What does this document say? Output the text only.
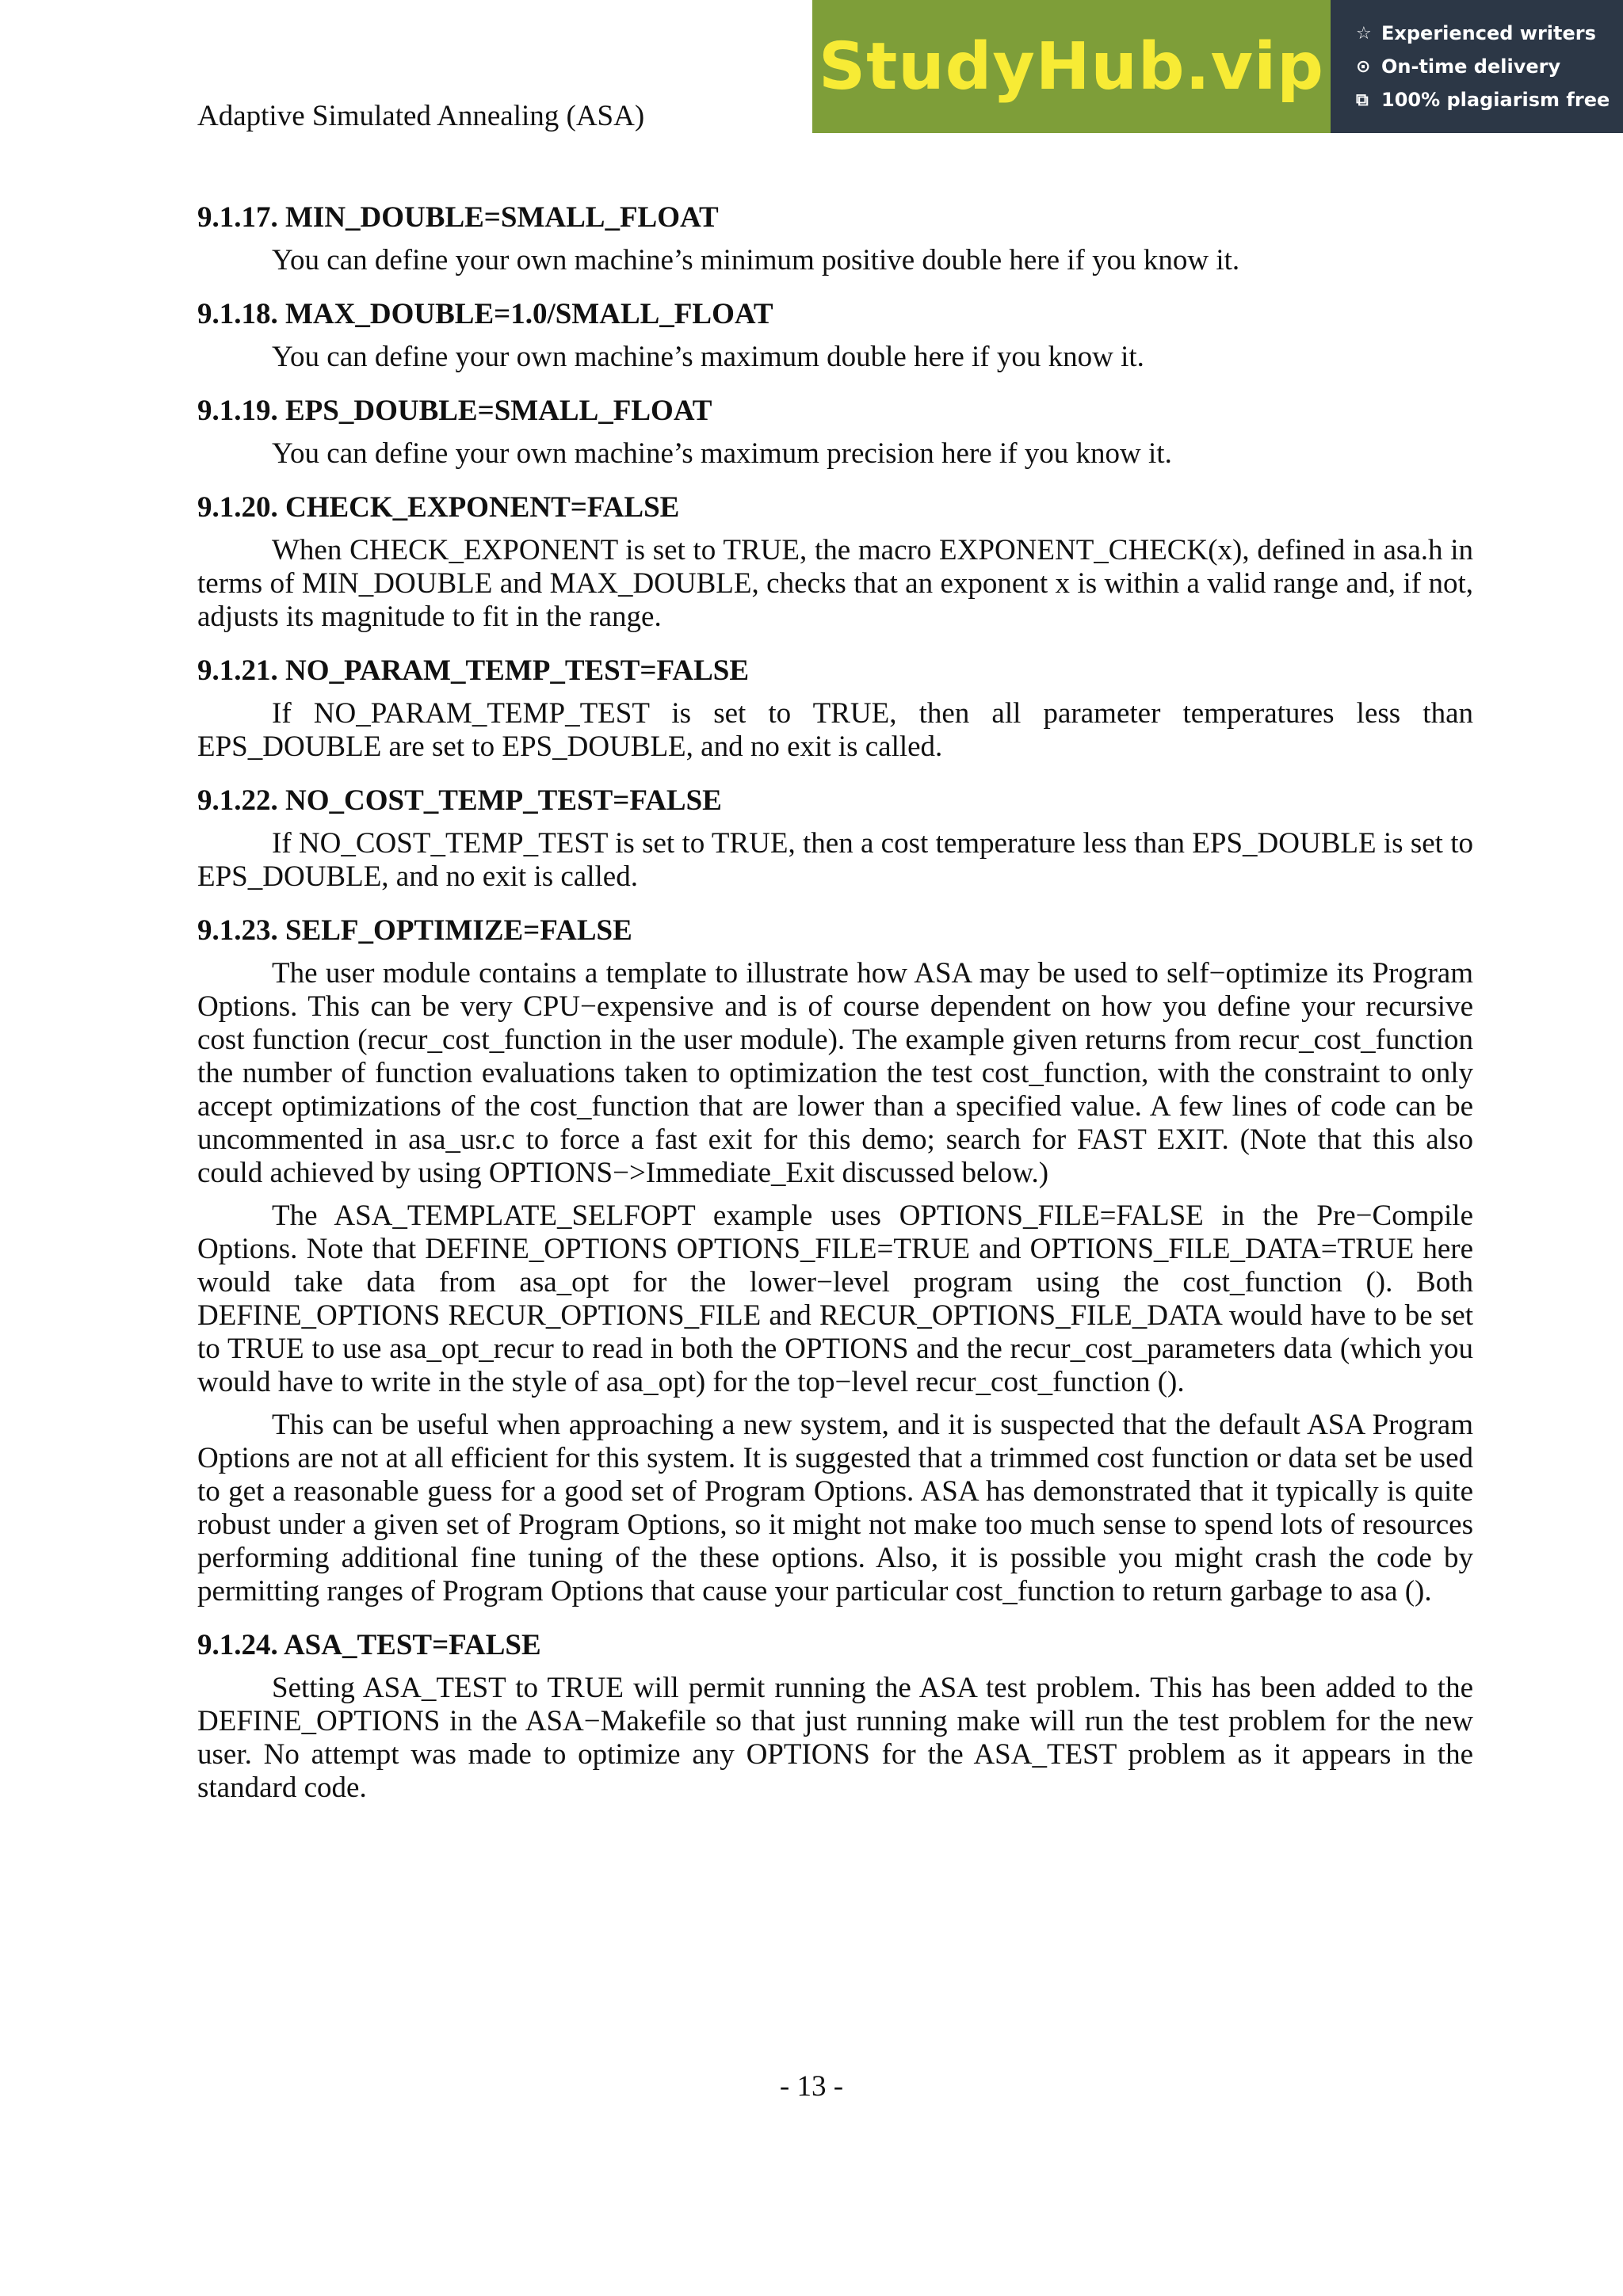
Adaptive Simulated Annealing (ASA)
StudyHub.vip ☆ Experienced writers
⊙ On-time delivery
⧉ 100% plagiarism free
9.1.17. MIN_DOUBLE=SMALL_FLOAT

You can define your own machine’s minimum positive double here if you know it.

9.1.18. MAX_DOUBLE=1.0/SMALL_FLOAT

You can define your own machine’s maximum double here if you know it.

9.1.19. EPS_DOUBLE=SMALL_FLOAT

You can define your own machine’s maximum precision here if you know it.

9.1.20. CHECK_EXPONENT=FALSE

When CHECK_EXPONENT is set to TRUE, the macro EXPONENT_CHECK(x), defined in asa.h in terms of MIN_DOUBLE and MAX_DOUBLE, checks that an exponent x is within a valid range and, if not, adjusts its magnitude to fit in the range.

9.1.21. NO_PARAM_TEMP_TEST=FALSE

If NO_PARAM_TEMP_TEST is set to TRUE, then all parameter temperatures less than EPS_DOUBLE are set to EPS_DOUBLE, and no exit is called.

9.1.22. NO_COST_TEMP_TEST=FALSE

If NO_COST_TEMP_TEST is set to TRUE, then a cost temperature less than EPS_DOUBLE is set to EPS_DOUBLE, and no exit is called.

9.1.23. SELF_OPTIMIZE=FALSE

The user module contains a template to illustrate how ASA may be used to self−optimize its Program Options. This can be very CPU−expensive and is of course dependent on how you define your recursive cost function (recur_cost_function in the user module). The example given returns from recur_cost_function the number of function evaluations taken to optimization the test cost_function, with the constraint to only accept optimizations of the cost_function that are lower than a specified value. A few lines of code can be uncommented in asa_usr.c to force a fast exit for this demo; search for FAST EXIT. (Note that this also could achieved by using OPTIONS−>Immediate_Exit discussed below.)

The ASA_TEMPLATE_SELFOPT example uses OPTIONS_FILE=FALSE in the Pre−Compile Options. Note that DEFINE_OPTIONS OPTIONS_FILE=TRUE and OPTIONS_FILE_DATA=TRUE here would take data from asa_opt for the lower−level program using the cost_function (). Both DEFINE_OPTIONS RECUR_OPTIONS_FILE and RECUR_OPTIONS_FILE_DATA would have to be set to TRUE to use asa_opt_recur to read in both the OPTIONS and the recur_cost_parameters data (which you would have to write in the style of asa_opt) for the top−level recur_cost_function ().

This can be useful when approaching a new system, and it is suspected that the default ASA Program Options are not at all efficient for this system. It is suggested that a trimmed cost function or data set be used to get a reasonable guess for a good set of Program Options. ASA has demonstrated that it typically is quite robust under a given set of Program Options, so it might not make too much sense to spend lots of resources performing additional fine tuning of the these options. Also, it is possible you might crash the code by permitting ranges of Program Options that cause your particular cost_function to return garbage to asa ().

9.1.24. ASA_TEST=FALSE

Setting ASA_TEST to TRUE will permit running the ASA test problem. This has been added to the DEFINE_OPTIONS in the ASA−Makefile so that just running make will run the test problem for the new user. No attempt was made to optimize any OPTIONS for the ASA_TEST problem as it appears in the standard code.

- 13 -
